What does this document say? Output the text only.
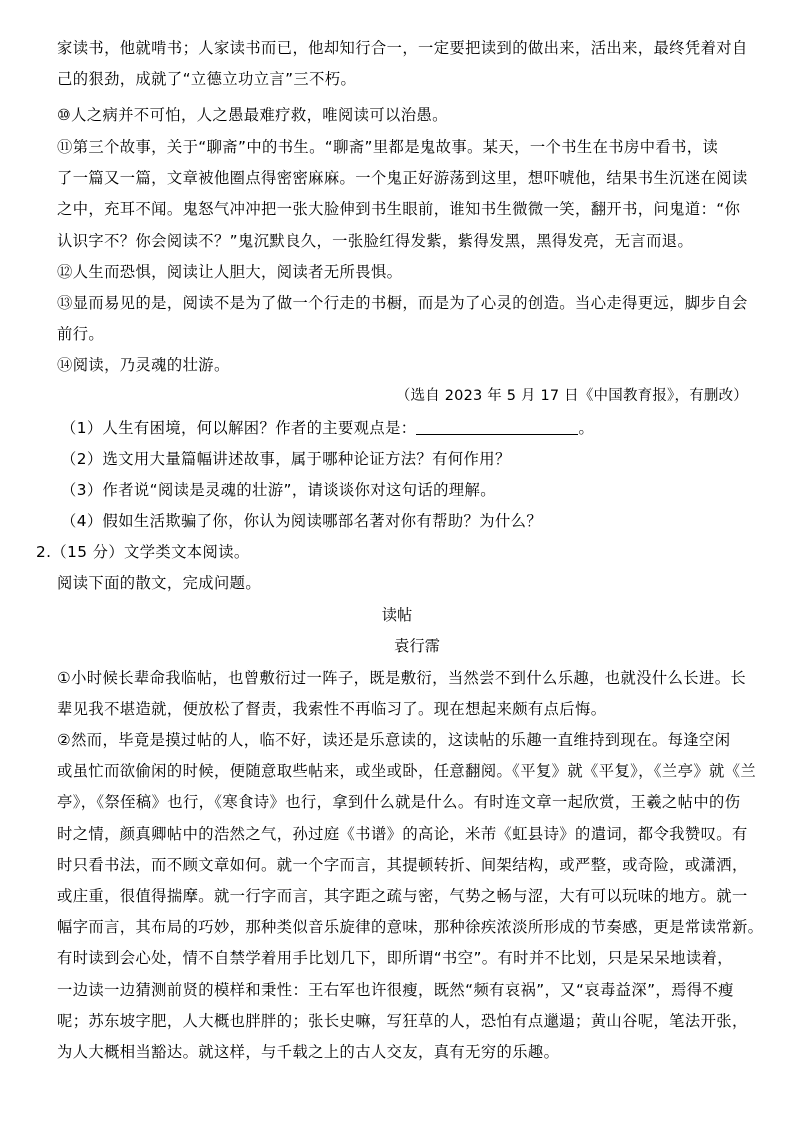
家读书，他就啃书；人家读书而已，他却知行合一，一定要把读到的做出来，活出来，最终凭着对自
己的狠劲，成就了“立德立功立言”三不朽。
⑩人之病并不可怕，人之愚最难疗救，唯阅读可以治愚。
⑪第三个故事，关于“聊斋”中的书生。“聊斋”里都是鬼故事。某天，一个书生在书房中看书，读
了一篇又一篇，文章被他圈点得密密麻麻。一个鬼正好游荡到这里，想吓唬他，结果书生沉迷在阅读
之中，充耳不闻。鬼怒气冲冲把一张大脸伸到书生眼前，谁知书生微微一笑，翻开书，问鬼道：“你
认识字不？你会阅读不？”鬼沉默良久，一张脸红得发紫，紫得发黑，黑得发亮，无言而退。
⑫人生而恐惧，阅读让人胆大，阅读者无所畏惧。
⑬显而易见的是，阅读不是为了做一个行走的书橱，而是为了心灵的创造。当心走得更远，脚步自会
前行。
⑭阅读，乃灵魂的壮游。
（选自 2023 年 5 月 17 日《中国教育报》，有删改）
（1）人生有困境，何以解困？作者的主要观点是：	。
（2）选文用大量篇幅讲述故事，属于哪种论证方法？有何作用？
（3）作者说“阅读是灵魂的壮游”，请谈谈你对这句话的理解。
（4）假如生活欺骗了你，你认为阅读哪部名著对你有帮助？为什么？
2.（15 分）文学类文本阅读。
阅读下面的散文，完成问题。
读帖
袁行霈
①小时候长辈命我临帖，也曾敷衍过一阵子，既是敷衍，当然尝不到什么乐趣，也就没什么长进。长
辈见我不堪造就，便放松了督责，我索性不再临习了。现在想起来颇有点后悔。
②然而，毕竟是摸过帖的人，临不好，读还是乐意读的，这读帖的乐趣一直维持到现在。每逢空闲
或虽忙而欲偷闲的时候，便随意取些帖来，或坐或卧，任意翻阅。《平复》就《平复》，《兰亭》就《兰
亭》，《祭侄稿》也行，《寒食诗》也行，拿到什么就是什么。有时连文章一起欣赏，王羲之帖中的伤
时之情，颜真卿帖中的浩然之气，孙过庭《书谱》的高论，米芾《虹县诗》的遣词，都令我赞叹。有
时只看书法，而不顾文章如何。就一个字而言，其提顿转折、间架结构，或严整，或奇险，或潇洒，
或庄重，很值得揣摩。就一行字而言，其字距之疏与密，气势之畅与涩，大有可以玩味的地方。就一
幅字而言，其布局的巧妙，那种类似音乐旋律的意味，那种徐疾浓淡所形成的节奏感，更是常读常新。
有时读到会心处，情不自禁学着用手比划几下，即所谓“书空”。有时并不比划，只是呆呆地读着，
一边读一边猜测前贤的模样和秉性：王右军也许很瘦，既然“频有哀祸”，又“哀毒益深”，焉得不瘦
呢；苏东坡字肥，人大概也胖胖的；张长史嘛，写狂草的人，恐怕有点邋遢；黄山谷呢，笔法开张，
为人大概相当豁达。就这样，与千载之上的古人交友，真有无穷的乐趣。
